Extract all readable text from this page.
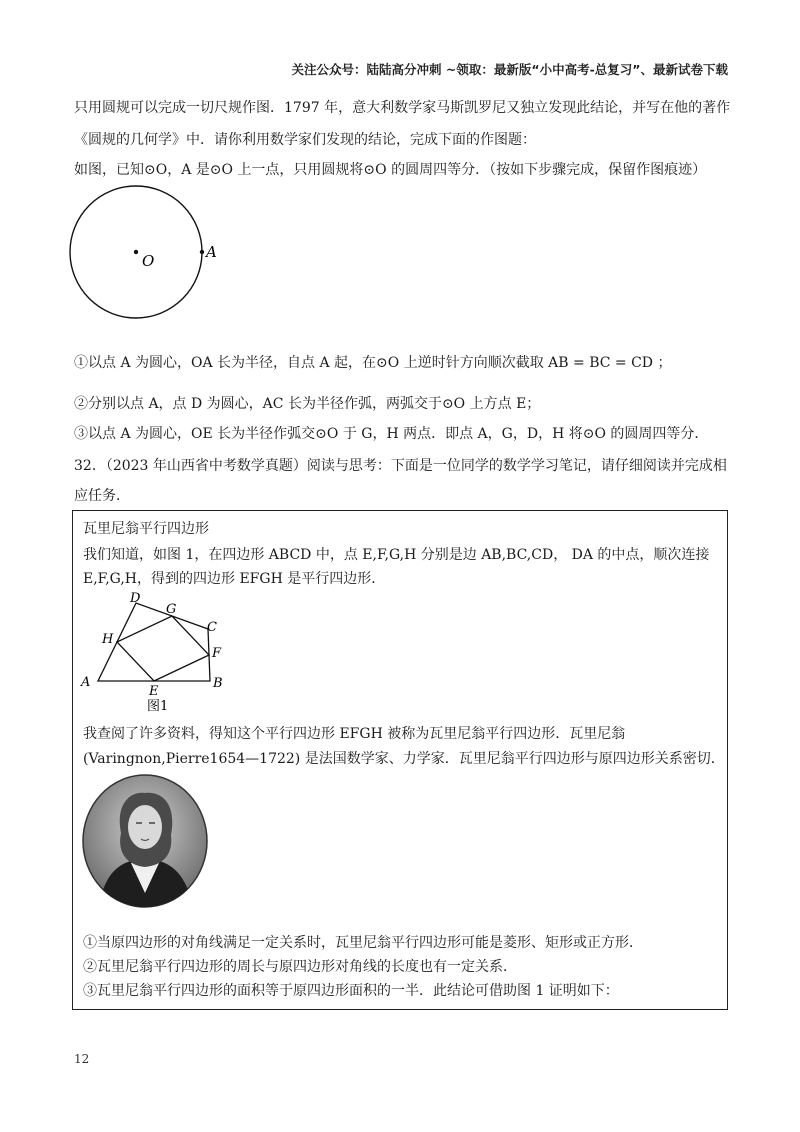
关注公众号：陆陆高分冲刺 ~领取：最新版“小中高考-总复习”、最新试卷下载
只用圆规可以完成一切尺规作图．1797 年，意大利数学家马斯凯罗尼又独立发现此结论，并写在他的著作
《圆规的几何学》中．请你利用数学家们发现的结论，完成下面的作图题：
如图，已知⊙O，A 是⊙O 上一点，只用圆规将⊙O 的圆周四等分．（按如下步骤完成，保留作图痕迹）
O	A
①以点 A 为圆心，OA 长为半径，自点 A 起，在⊙O 上逆时针方向顺次截取 AB = BC = CD ；
②分别以点 A，点 D 为圆心，AC 长为半径作弧，两弧交于⊙O 上方点 E；
③以点 A 为圆心，OE 长为半径作弧交⊙O 于 G，H 两点．即点 A，G，D，H 将⊙O 的圆周四等分．
32．（2023 年山西省中考数学真题）阅读与思考：下面是一位同学的数学学习笔记，请仔细阅读并完成相
应任务．
瓦里尼翁平行四边形
我们知道，如图 1，在四边形 ABCD 中，点 E,F,G,H 分别是边 AB,BC,CD， DA 的中点，顺次连接
E,F,G,H，得到的四边形 EFGH 是平行四边形．
A	B
C
D
E
F
G
H
图1
我查阅了许多资料，得知这个平行四边形 EFGH 被称为瓦里尼翁平行四边形．瓦里尼翁
(Varingnon,Pierre1654—1722) 是法国数学家、力学家．瓦里尼翁平行四边形与原四边形关系密切．
①当原四边形的对角线满足一定关系时，瓦里尼翁平行四边形可能是菱形、矩形或正方形．
②瓦里尼翁平行四边形的周长与原四边形对角线的长度也有一定关系．
③瓦里尼翁平行四边形的面积等于原四边形面积的一半．此结论可借助图 1 证明如下：
12
